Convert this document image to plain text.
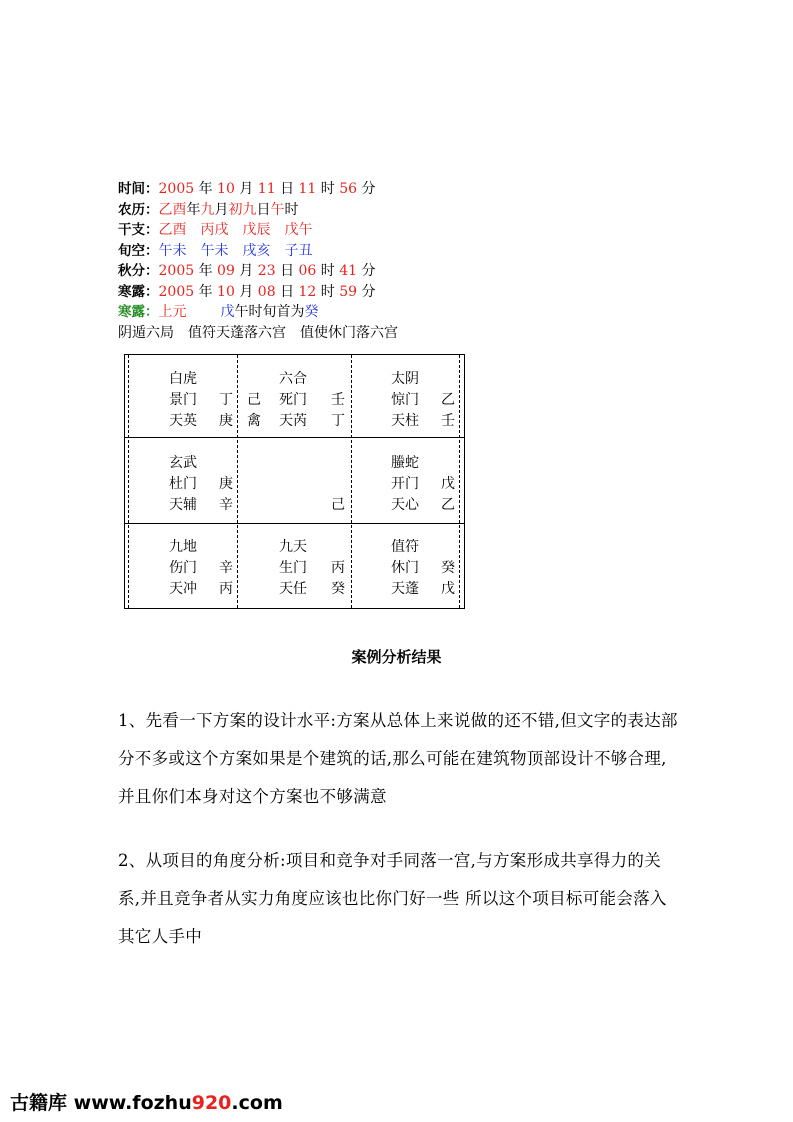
时间：2005 年 10 月 11 日 11 时 56 分
农历：乙酉年九月初九日午时
干支：乙酉 丙戌 戊辰 戊午
旬空：午未 午未 戌亥 子丑
秋分：2005 年 09 月 23 日 06 时 41 分
寒露：2005 年 10 月 08 日 12 时 59 分
寒露：上元 戊午时旬首为癸
阴遁六局　值符天蓬落六宫　值使休门落六宫
白虎
景门 丁
天英 庚
六合
己 死门 壬
禽 天芮 丁
太阴
惊门 乙
天柱 壬
玄武
杜门 庚
天辅 辛	己
螣蛇
开门 戊
天心 乙
九地
伤门 辛
天冲 丙
九天
生门 丙
天任 癸
值符
休门 癸
天蓬 戊
案例分析结果
1、先看一下方案的设计水平:方案从总体上来说做的还不错,但文字的表达部分不多或这个方案如果是个建筑的话,那么可能在建筑物顶部设计不够合理,并且你们本身对这个方案也不够满意
2、从项目的角度分析:项目和竞争对手同落一宫,与方案形成共享得力的关系,并且竞争者从实力角度应该也比你门好一些 所以这个项目标可能会落入其它人手中
古籍库 www.fozhu920.com
